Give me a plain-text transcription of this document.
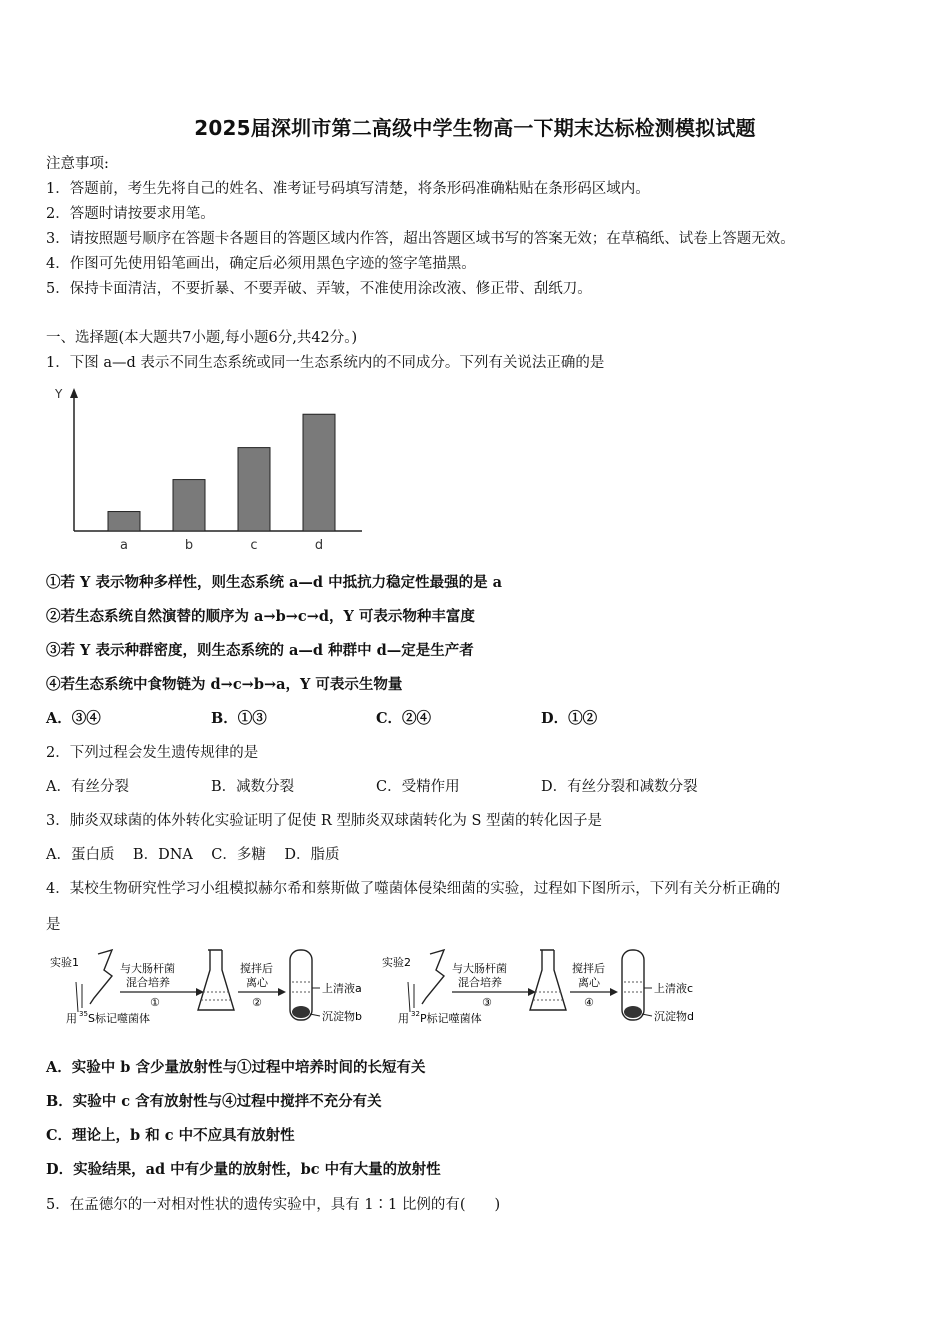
2025届深圳市第二高级中学生物高一下期末达标检测模拟试题
注意事项:
1．答题前，考生先将自己的姓名、准考证号码填写清楚，将条形码准确粘贴在条形码区域内。
2．答题时请按要求用笔。
3．请按照题号顺序在答题卡各题目的答题区域内作答，超出答题区域书写的答案无效；在草稿纸、试卷上答题无效。
4．作图可先使用铅笔画出，确定后必须用黑色字迹的签字笔描黑。
5．保持卡面清洁，不要折暴、不要弄破、弄皱，不准使用涂改液、修正带、刮纸刀。
一、选择题(本大题共7小题,每小题6分,共42分。)
1．下图 a—d 表示不同生态系统或同一生态系统内的不同成分。下列有关说法正确的是
Y
a	b	c	d
①若 Y 表示物种多样性，则生态系统 a—d 中抵抗力稳定性最强的是 a
②若生态系统自然演替的顺序为 a→b→c→d，Y 可表示物种丰富度
③若 Y 表示种群密度，则生态系统的 a—d 种群中 d—定是生产者
④若生态系统中食物链为 d→c→b→a，Y 可表示生物量
A．③④	B．①③	C．②④	D．①②
2．下列过程会发生遗传规律的是
A．有丝分裂	B．减数分裂	C．受精作用	D．有丝分裂和减数分裂
3．肺炎双球菌的体外转化实验证明了促使 R 型肺炎双球菌转化为 S 型菌的转化因子是
A．蛋白质    B．DNA    C．多糖    D．脂质
4．某校生物研究性学习小组模拟赫尔希和蔡斯做了噬菌体侵染细菌的实验，过程如下图所示，下列有关分析正确的
是
实验1
用 35 S标记噬菌体
与大肠杆菌
混合培养
①
搅拌后
离心
②
上清液a
沉淀物b
实验2
用 32 P标记噬菌体
与大肠杆菌
混合培养
③
搅拌后
离心
④
上清液c
沉淀物d
A．实验中 b 含少量放射性与①过程中培养时间的长短有关
B．实验中 c 含有放射性与④过程中搅拌不充分有关
C．理论上，b 和 c 中不应具有放射性
D．实验结果，ad 中有少量的放射性，bc 中有大量的放射性
5．在孟德尔的一对相对性状的遗传实验中，具有 1∶1 比例的有(　　)
